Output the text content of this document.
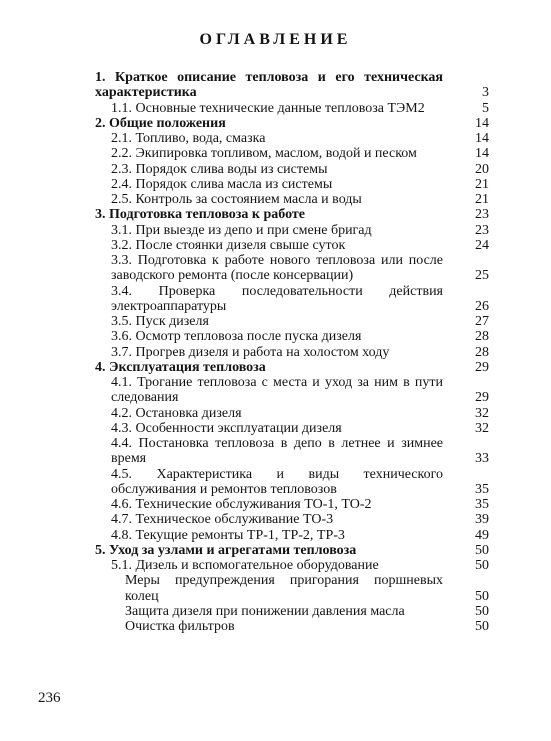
ОГЛАВЛЕНИЕ
1. Краткое описание тепловоза и его техническая характеристика	3
1.1. Основные технические данные тепловоза ТЭМ2	5
2. Общие положения	14
2.1. Топливо, вода, смазка	14
2.2. Экипировка топливом, маслом, водой и песком	14
2.3. Порядок слива воды из системы	20
2.4. Порядок слива масла из системы	21
2.5. Контроль за состоянием масла и воды	21
3. Подготовка тепловоза к работе	23
3.1. При выезде из депо и при смене бригад	23
3.2. После стоянки дизеля свыше суток	24
3.3. Подготовка к работе нового тепловоза или после заводского ремонта (после консервации)	25
3.4. Проверка последовательности действия электроаппаратуры	26
3.5. Пуск дизеля	27
3.6. Осмотр тепловоза после пуска дизеля	28
3.7. Прогрев дизеля и работа на холостом ходу	28
4. Эксплуатация тепловоза	29
4.1. Трогание тепловоза с места и уход за ним в пути следования	29
4.2. Остановка дизеля	32
4.3. Особенности эксплуатации дизеля	32
4.4. Постановка тепловоза в депо в летнее и зимнее время	33
4.5. Характеристика и виды технического обслуживания и ремонтов тепловозов	35
4.6. Технические обслуживания ТО-1, ТО-2	35
4.7. Техническое обслуживание ТО-3	39
4.8. Текущие ремонты ТР-1, ТР-2, ТР-3	49
5. Уход за узлами и агрегатами тепловоза	50
5.1. Дизель и вспомогательное оборудование	50
Меры предупреждения пригорания поршневых колец	50
Защита дизеля при понижении давления масла	50
Очистка фильтров	50
236
